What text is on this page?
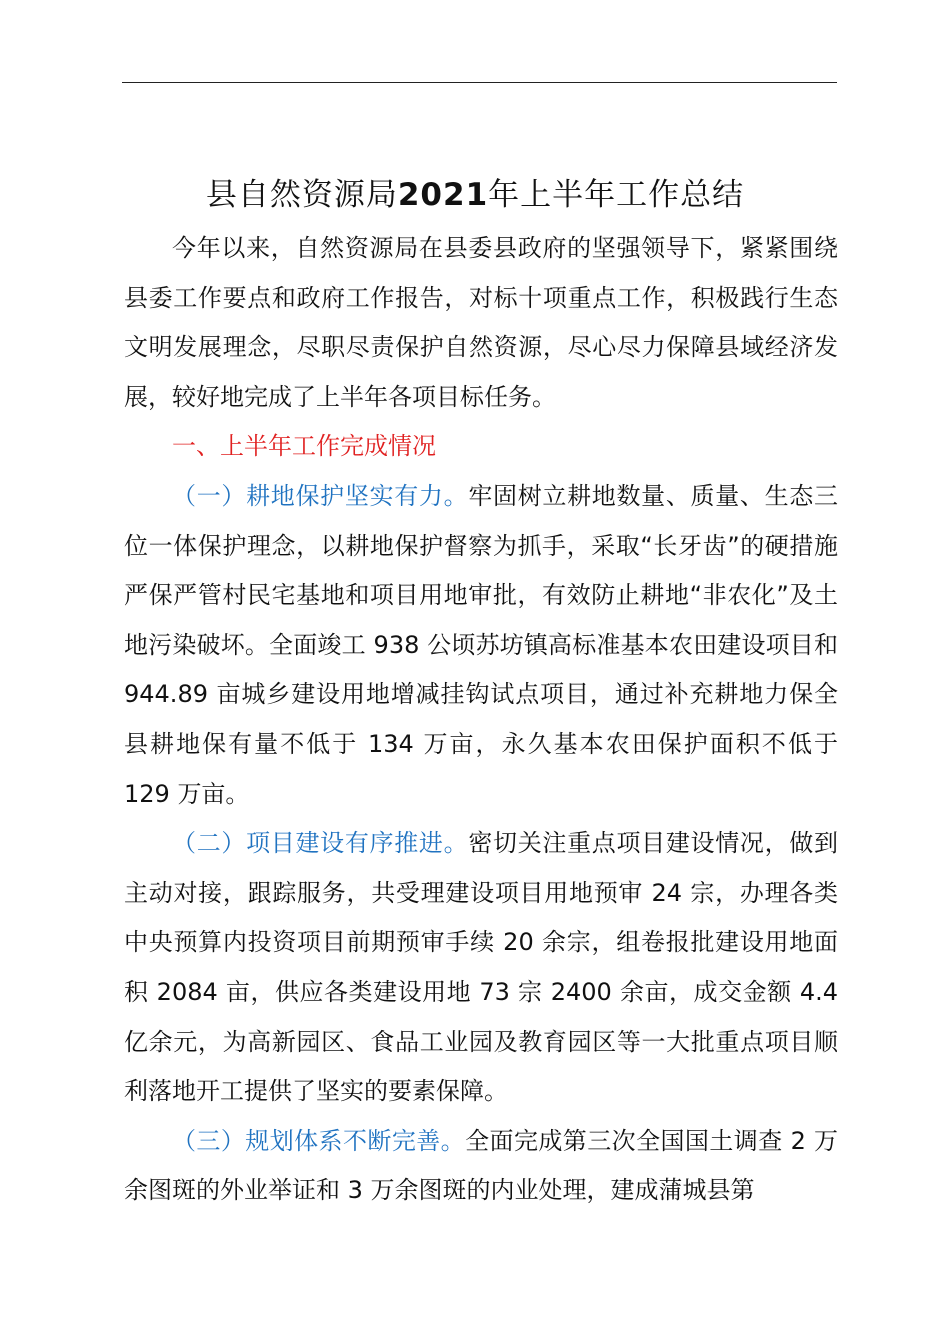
县自然资源局2021年上半年工作总结

今年以来，自然资源局在县委县政府的坚强领导下，紧紧围绕县委工作要点和政府工作报告，对标十项重点工作，积极践行生态文明发展理念，尽职尽责保护自然资源，尽心尽力保障县域经济发展，较好地完成了上半年各项目标任务。

一、上半年工作完成情况

（一）耕地保护坚实有力。牢固树立耕地数量、质量、生态三位一体保护理念，以耕地保护督察为抓手，采取“长牙齿”的硬措施严保严管村民宅基地和项目用地审批，有效防止耕地“非农化”及土地污染破坏。全面竣工 938 公顷苏坊镇高标准基本农田建设项目和 944.89 亩城乡建设用地增减挂钩试点项目，通过补充耕地力保全县耕地保有量不低于 134 万亩，永久基本农田保护面积不低于 129 万亩。

（二）项目建设有序推进。密切关注重点项目建设情况，做到主动对接，跟踪服务，共受理建设项目用地预审 24 宗，办理各类中央预算内投资项目前期预审手续 20 余宗，组卷报批建设用地面积 2084 亩，供应各类建设用地 73 宗 2400 余亩，成交金额 4.4 亿余元，为高新园区、食品工业园及教育园区等一大批重点项目顺利落地开工提供了坚实的要素保障。

（三）规划体系不断完善。全面完成第三次全国国土调查 2 万余图斑的外业举证和 3 万余图斑的内业处理，建成蒲城县第
